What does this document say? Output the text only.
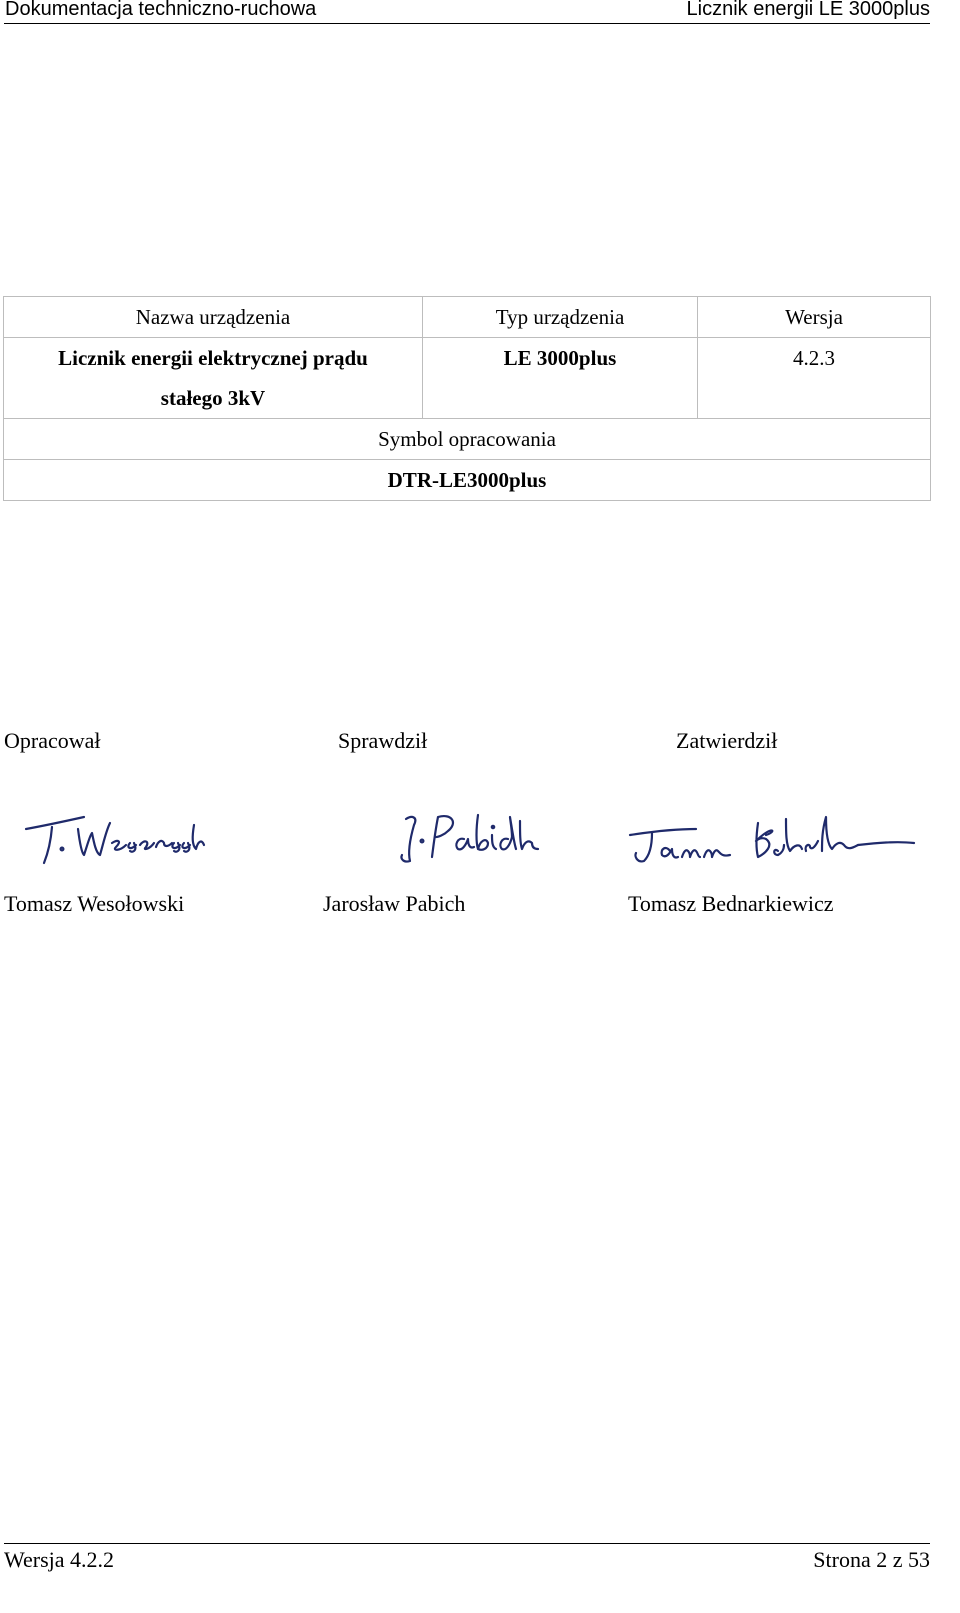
Dokumentacja techniczno-ruchowa	Licznik energii LE 3000plus
Nazwa urządzenia	Typ urządzenia	Wersja

Licznik energii elektrycznej prądu
stałego 3kV	LE 3000plus	4.2.3
Symbol opracowania		
DTR-LE3000plus		
Opracował	Sprawdził	Zatwierdził
Tomasz Wesołowski	Jarosław Pabich	Tomasz Bednarkiewicz
Wersja 4.2.2	Strona 2 z 53
